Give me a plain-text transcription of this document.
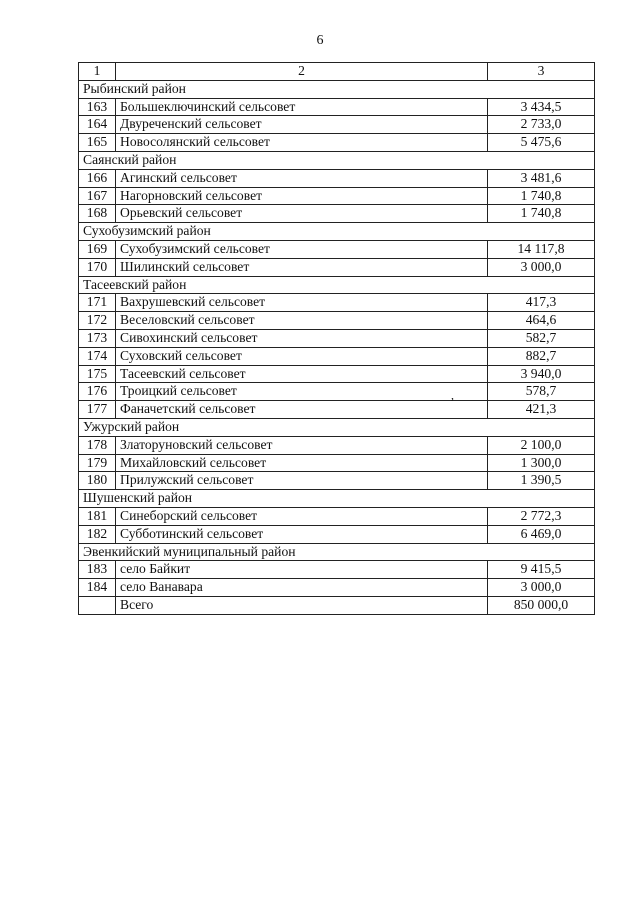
6
1	2	3
Рыбинский район		
163	Большеключинский сельсовет	3 434,5
164	Двуреченский сельсовет	2 733,0
165	Новосолянский сельсовет	5 475,6
Саянский район		
166	Агинский сельсовет	3 481,6
167	Нагорновский сельсовет	1 740,8
168	Орьевский сельсовет	1 740,8
Сухобузимский район		
169	Сухобузимский сельсовет	14 117,8
170	Шилинский сельсовет	3 000,0
Тасеевский район		
171	Вахрушевский сельсовет	417,3
172	Веселовский сельсовет	464,6
173	Сивохинский сельсовет	582,7
174	Суховский сельсовет	882,7
175	Тасеевский сельсовет	3 940,0
176	Троицкий сельсовет	578,7
177	Фаначетский сельсовет	421,3
Ужурский район		
178	Златоруновский сельсовет	2 100,0
179	Михайловский сельсовет	1 300,0
180	Прилужский сельсовет	1 390,5
Шушенский район		
181	Синеборский сельсовет	2 772,3
182	Субботинский сельсовет	6 469,0
Эвенкийский муниципальный район		
183	село Байкит	9 415,5
184	село Ванавара	3 000,0
	Всего	850 000,0
,
